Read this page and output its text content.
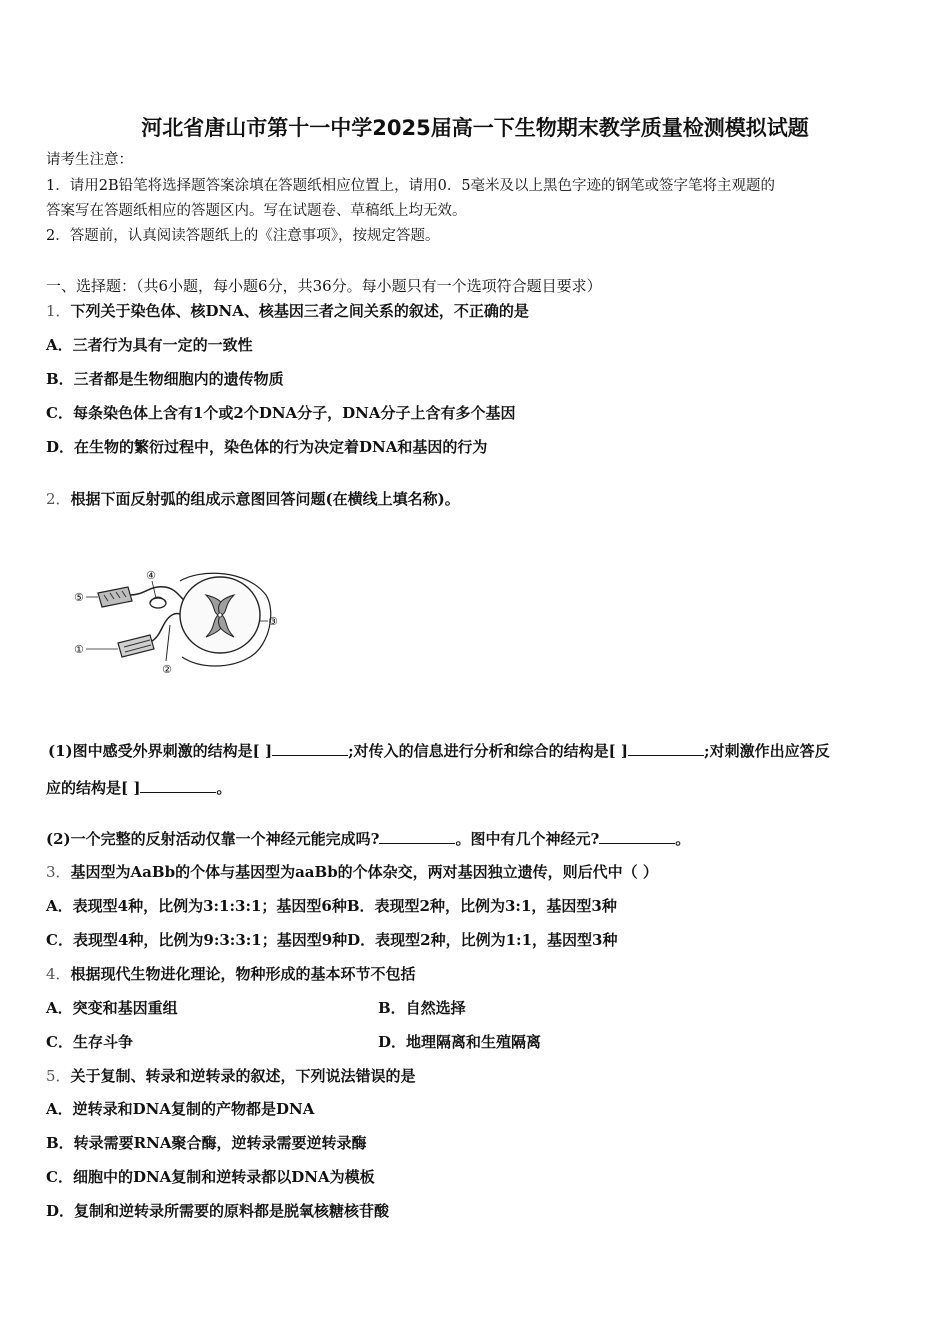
河北省唐山市第十一中学2025届高一下生物期末教学质量检测模拟试题
请考生注意：
1．请用2B铅笔将选择题答案涂填在答题纸相应位置上，请用0．5毫米及以上黑色字迹的钢笔或签字笔将主观题的
答案写在答题纸相应的答题区内。写在试题卷、草稿纸上均无效。
2．答题前，认真阅读答题纸上的《注意事项》，按规定答题。
一、选择题：（共6小题，每小题6分，共36分。每小题只有一个选项符合题目要求）
1．下列关于染色体、核DNA、核基因三者之间关系的叙述，不正确的是
A．三者行为具有一定的一致性
B．三者都是生物细胞内的遗传物质
C．每条染色体上含有1个或2个DNA分子，DNA分子上含有多个基因
D．在生物的繁衍过程中，染色体的行为决定着DNA和基因的行为
2．根据下面反射弧的组成示意图回答问题(在横线上填名称)。
⑤
④
①
②
③
(1)图中感受外界刺激的结构是[ ]	;对传入的信息进行分析和综合的结构是[ ]	;对刺激作出应答反
应的结构是[ ]	。
(2)一个完整的反射活动仅靠一个神经元能完成吗?	。图中有几个神经元?	。
3．基因型为AaBb的个体与基因型为aaBb的个体杂交，两对基因独立遗传，则后代中（ ）
A．表现型4种，比例为3:1:3:1；基因型6种B．表现型2种，比例为3:1，基因型3种
C．表现型4种，比例为9:3:3:1；基因型9种D．表现型2种，比例为1:1，基因型3种
4．根据现代生物进化理论，物种形成的基本环节不包括
A．突变和基因重组	B．自然选择
C．生存斗争	D．地理隔离和生殖隔离
5．关于复制、转录和逆转录的叙述，下列说法错误的是
A．逆转录和DNA复制的产物都是DNA
B．转录需要RNA聚合酶，逆转录需要逆转录酶
C．细胞中的DNA复制和逆转录都以DNA为模板
D．复制和逆转录所需要的原料都是脱氧核糖核苷酸
